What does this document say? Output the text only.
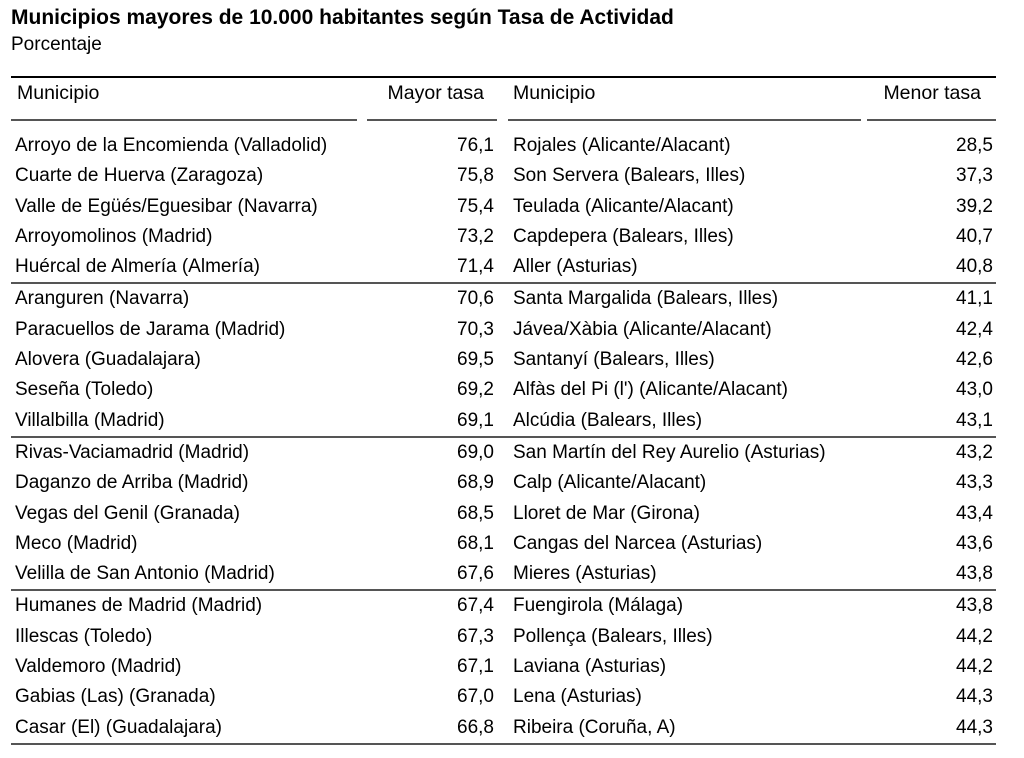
Municipios mayores de 10.000 habitantes según Tasa de Actividad
Porcentaje
Municipio	Mayor tasa Municipio	Menor tasa
Arroyo de la Encomienda (Valladolid)	76,1 Rojales (Alicante/Alacant)	28,5
Cuarte de Huerva (Zaragoza)	75,8 Son Servera (Balears, Illes)	37,3
Valle de Egüés/Eguesibar (Navarra)	75,4 Teulada (Alicante/Alacant)	39,2
Arroyomolinos (Madrid)	73,2 Capdepera (Balears, Illes)	40,7
Huércal de Almería (Almería)	71,4 Aller (Asturias)	40,8
Aranguren (Navarra)	70,6 Santa Margalida (Balears, Illes)	41,1
Paracuellos de Jarama (Madrid)	70,3 Jávea/Xàbia (Alicante/Alacant)	42,4
Alovera (Guadalajara)	69,5 Santanyí (Balears, Illes)	42,6
Seseña (Toledo)	69,2 Alfàs del Pi (l') (Alicante/Alacant)	43,0
Villalbilla (Madrid)	69,1 Alcúdia (Balears, Illes)	43,1
Rivas-Vaciamadrid (Madrid)	69,0 San Martín del Rey Aurelio (Asturias)	43,2
Daganzo de Arriba (Madrid)	68,9 Calp (Alicante/Alacant)	43,3
Vegas del Genil (Granada)	68,5 Lloret de Mar (Girona)	43,4
Meco (Madrid)	68,1 Cangas del Narcea (Asturias)	43,6
Velilla de San Antonio (Madrid)	67,6 Mieres (Asturias)	43,8
Humanes de Madrid (Madrid)	67,4 Fuengirola (Málaga)	43,8
Illescas (Toledo)	67,3 Pollença (Balears, Illes)	44,2
Valdemoro (Madrid)	67,1 Laviana (Asturias)	44,2
Gabias (Las) (Granada)	67,0 Lena (Asturias)	44,3
Casar (El) (Guadalajara)	66,8 Ribeira (Coruña, A)	44,3
